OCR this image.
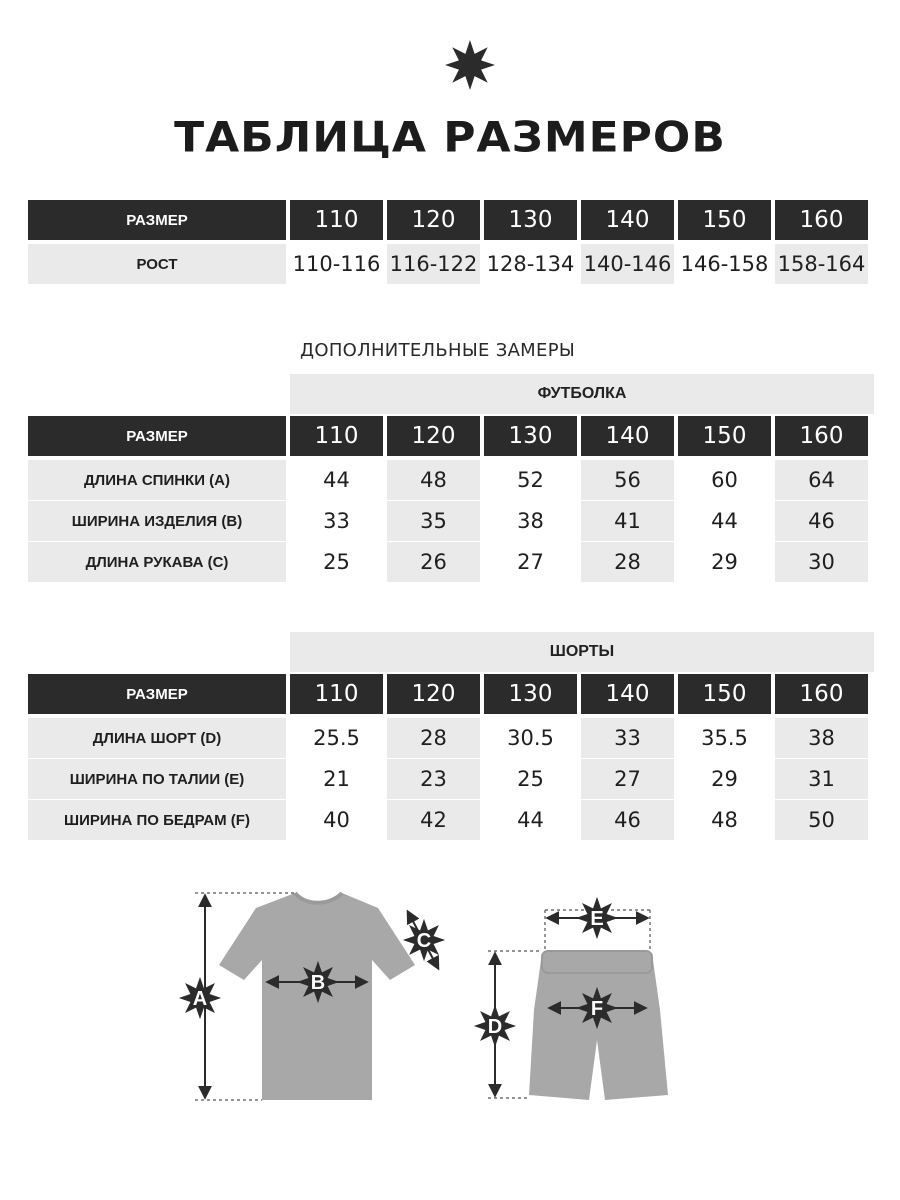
ТАБЛИЦА РАЗМЕРОВ
РАЗМЕР	110	120	130	140	150	160
РОСТ	110-116 116-122 128-134 140-146 146-158 158-164
ДОПОЛНИТЕЛЬНЫЕ ЗАМЕРЫ
ФУТБОЛКА
РАЗМЕР	110	120	130	140	150	160
ДЛИНА СПИНКИ (А)	44	48	52	56	60	64
ШИРИНА ИЗДЕЛИЯ (В)	33	35	38	41	44	46
ДЛИНА РУКАВА (С)	25	26	27	28	29	30
ШОРТЫ
РАЗМЕР	110	120	130	140	150	160
ДЛИНА ШОРТ (D)	25.5	28	30.5	33	35.5	38
ШИРИНА ПО ТАЛИИ (E)	21	23	25	27	29	31
ШИРИНА ПО БЕДРАМ (F)	40	42	44	46	48	50
A
B
C
D
E
F
